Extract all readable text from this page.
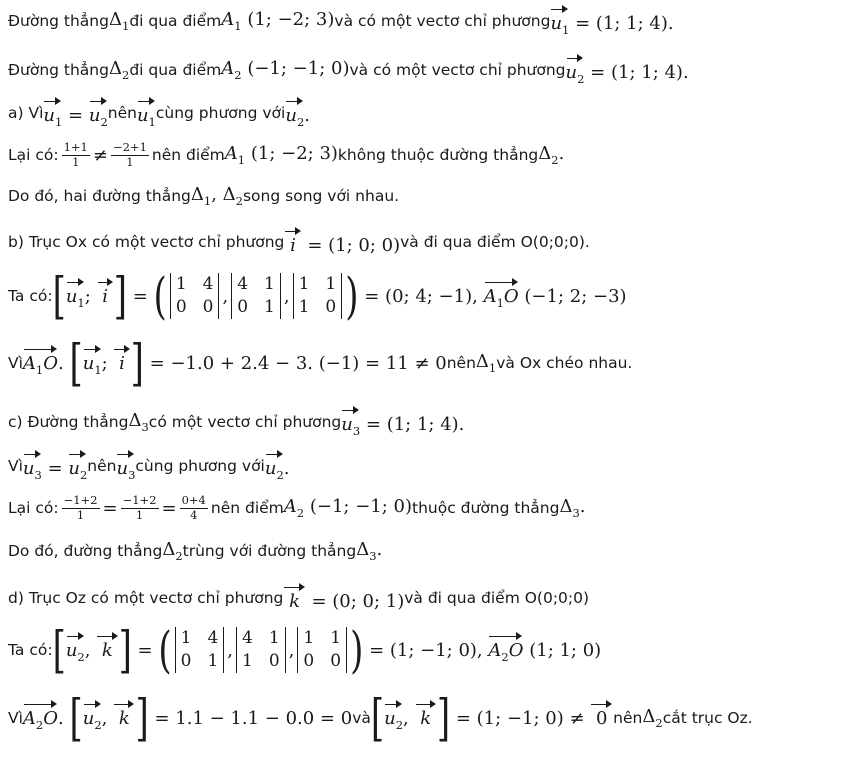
Đường thẳng $\Delta_1$ đi qua điểm $A_1$ (1; −2; 3) và có một vectơ chỉ phương $u_1 = (1$; 1; 4).
Đường thẳng $\Delta_2$ đi qua điểm $A_2$ (−1; −1; 0) và có một vectơ chỉ phương $u_2 = (1$; 1; 4).
a) Vì $u_1 = u_2$ nên $u_1$ cùng phương với $u_2$.
Lại có: $\frac{1+1}{1} \ne \frac{-2+1}{1}$ nên điểm $A_1$ (1; −2; 3) không thuộc đường thẳng $\Delta_2$.
Do đó, hai đường thẳng $\Delta_1$, $\Delta_2$ song song với nhau.
b) Trục Ox có một vectơ chỉ phương i  = (1; 0; 0) và đi qua điểm O(0;0;0).
Ta có: [$u_1$;  i ] = ( 1 4
0 0
,
4 1
0 1
,
1 1
1 0 ) = (0; 4; −1), $A_1O$ (−1; 2; −3)
Vì $A_1O$. [$u_1$;  i ] = −1.0 + 2.4 − 3. (−1) = 11 ≠ 0 nên $\Delta_1$ và Ox chéo nhau.
c) Đường thẳng $\Delta_3$ có một vectơ chỉ phương $u_3 = (1$; 1; 4).
Vì $u_3 = u_2$ nên $u_3$ cùng phương với $u_2$.
Lại có: $\frac{-1+2}{1} = \frac{-1+2}{1} = \frac{0+4}{4}$ nên điểm $A_2$ (−1; −1; 0) thuộc đường thẳng $\Delta_3$.
Do đó, đường thẳng $\Delta_2$ trùng với đường thẳng $\Delta_3$.
d) Trục Oz có một vectơ chỉ phương k  = (0; 0; 1) và đi qua điểm O(0;0;0)
Ta có: [$u_2$,  k ] = ( 1 4
0 1
,
4 1
1 0
,
1 1
0 0 ) = (1; −1; 0), $A_2O$ (1; 1; 0)
Vì $A_2O$. [$u_2$,  k ] = 1.1 − 1.1 − 0.0 = 0 và [$u_2$,  k ] = (1; −1; 0) ≠  0 nên $\Delta_2$ cắt trục Oz.
